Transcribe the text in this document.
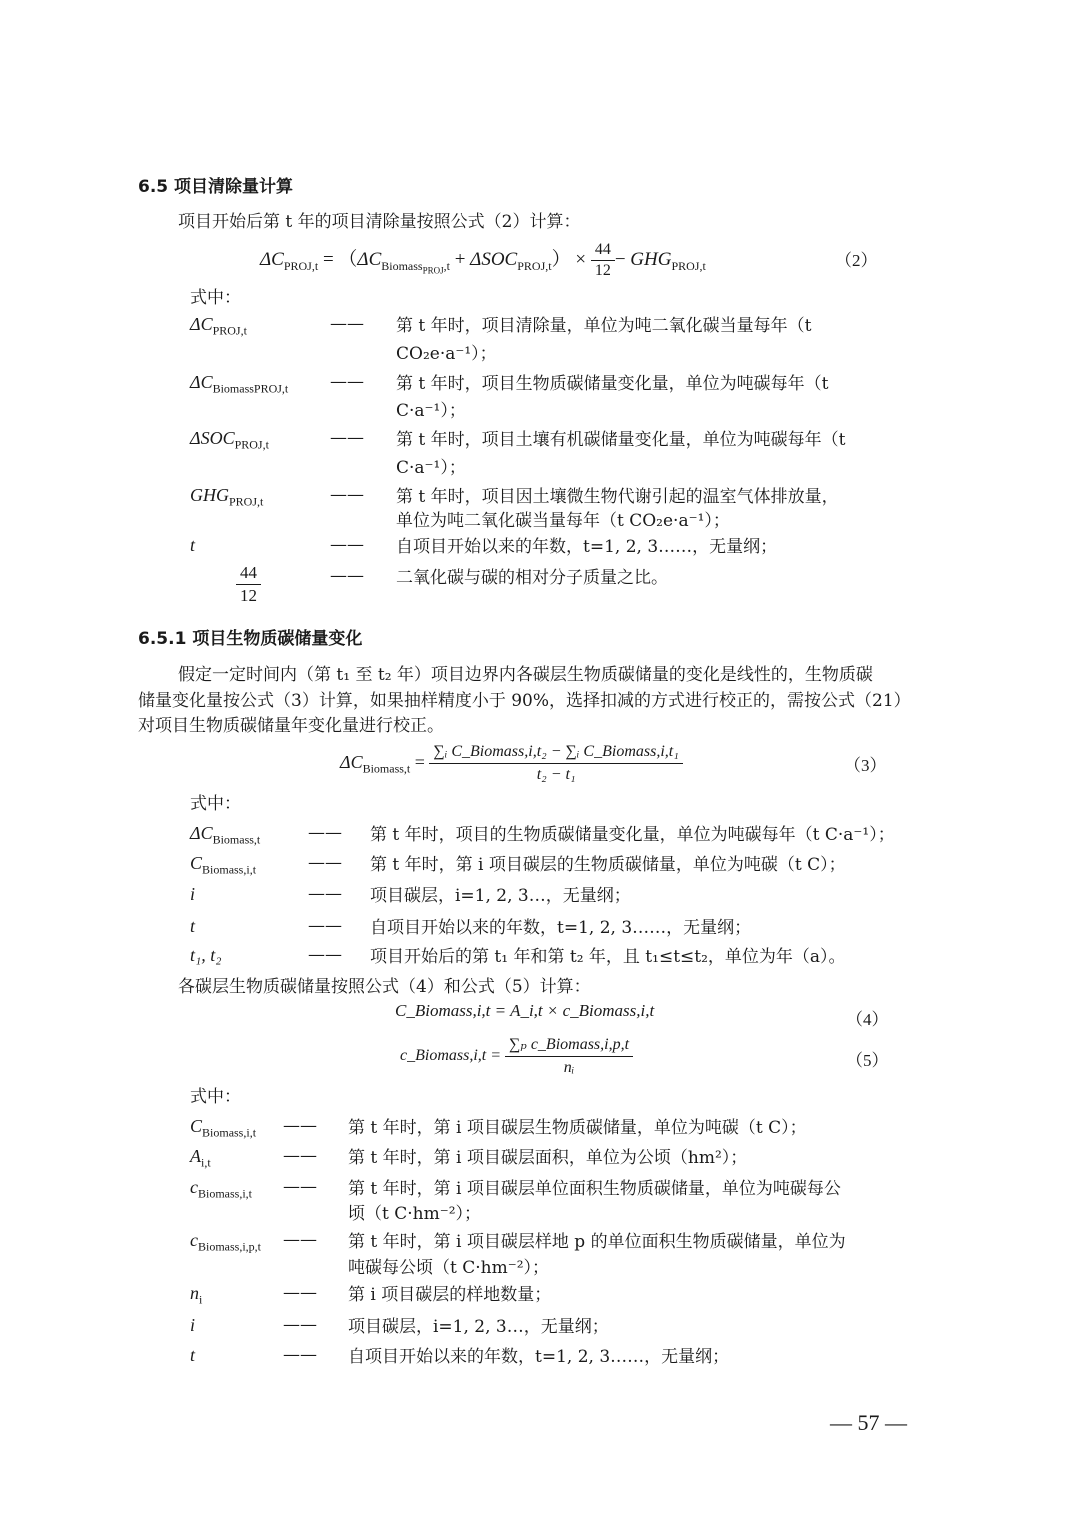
6.5 项目清除量计算
项目开始后第 t 年的项目清除量按照公式（2）计算：
$\Delta C_{PROJ,t} = (\Delta C_{Biomass_{PROJ},t} + \Delta SOC_{PROJ,t}) \times \frac{44}{12} - GHG_{PROJ,t}$	（2）
式中：
$\Delta C_{PROJ,t}$	—— 第 t 年时，项目清除量，单位为吨二氧化碳当量每年（t
CO₂e·a⁻¹）；
$\Delta C_{BiomassPROJ,t}$ —— 第 t 年时，项目生物质碳储量变化量，单位为吨碳每年（t
C·a⁻¹）；
$\Delta SOC_{PROJ,t}$	—— 第 t 年时，项目土壤有机碳储量变化量，单位为吨碳每年（t
C·a⁻¹）；
$GHG_{PROJ,t}$	—— 第 t 年时，项目因土壤微生物代谢引起的温室气体排放量，
单位为吨二氧化碳当量每年（t CO₂e·a⁻¹）；
t	—— 自项目开始以来的年数，t=1, 2, 3……，无量纲；
$\frac{44}{12}$	—— 二氧化碳与碳的相对分子质量之比。
6.5.1 项目生物质碳储量变化
假定一定时间内（第 t₁ 至 t₂ 年）项目边界内各碳层生物质碳储量的变化是线性的，生物质碳
储量变化量按公式（3）计算，如果抽样精度小于 90%，选择扣减的方式进行校正的，需按公式（21）
对项目生物质碳储量年变化量进行校正。
$\Delta C_{Biomass,t} = \frac{\text{∑ᵢ C\_Biomass,i,t₂ − ∑ᵢ C\_Biomass,i,t₁}}{\text{t₂ − t₁}}$	（3）
式中：
$\Delta C_{Biomass,t}$	—— 第 t 年时，项目的生物质碳储量变化量，单位为吨碳每年（t C·a⁻¹）；
$C_{Biomass,i,t}$	—— 第 t 年时，第 i 项目碳层的生物质碳储量，单位为吨碳（t C）；
i	—— 项目碳层，i=1, 2, 3…，无量纲；
t	—— 自项目开始以来的年数，t=1, 2, 3……，无量纲；
t₁, t₂	—— 项目开始后的第 t₁ 年和第 t₂ 年，且 t₁≤t≤t₂，单位为年（a）。
各碳层生物质碳储量按照公式（4）和公式（5）计算：
C_Biomass,i,t = A_i,t × c_Biomass,i,t	（4）
c_Biomass,i,t = $\frac{\text{∑ₚ c\_Biomass,i,p,t}}{\text{nᵢ}}$	（5）
式中：
$C_{Biomass,i,t}$ —— 第 t 年时，第 i 项目碳层生物质碳储量，单位为吨碳（t C）；
$A_{i,t}$	—— 第 t 年时，第 i 项目碳层面积，单位为公顷（hm²）；
$c_{Biomass,i,t}$ —— 第 t 年时，第 i 项目碳层单位面积生物质碳储量，单位为吨碳每公
顷（t C·hm⁻²）；
$c_{Biomass,i,p,t}$ —— 第 t 年时，第 i 项目碳层样地 p 的单位面积生物质碳储量，单位为
吨碳每公顷（t C·hm⁻²）；
$n_i$	—— 第 i 项目碳层的样地数量；
i	—— 项目碳层，i=1, 2, 3…，无量纲；
t	—— 自项目开始以来的年数，t=1, 2, 3……，无量纲；
— 57 —
